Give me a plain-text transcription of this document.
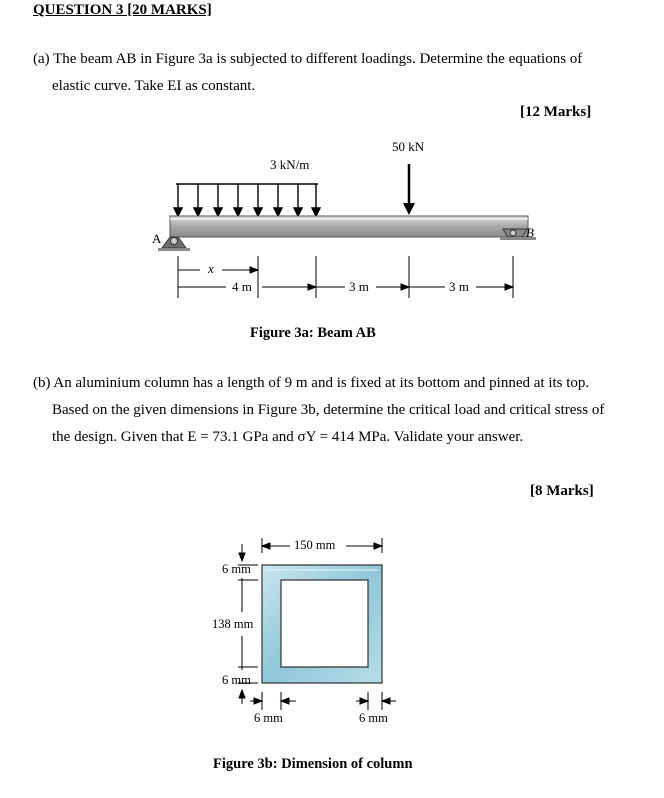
QUESTION 3 [20 MARKS]
(a) The beam AB in Figure 3a is subjected to different loadings. Determine the equations of
elastic curve. Take EI as constant.
[12 Marks]
3 kN/m
50 kN
A	B
x
4 m	3 m	3 m
Figure 3a: Beam AB
(b) An aluminium column has a length of 9 m and is fixed at its bottom and pinned at its top.
Based on the given dimensions in Figure 3b, determine the critical load and critical stress of
the design. Given that E = 73.1 GPa and σY = 414 MPa. Validate your answer.
[8 Marks]
150 mm
6 mm
138 mm
6 mm
6 mm	6 mm
Figure 3b: Dimension of column
